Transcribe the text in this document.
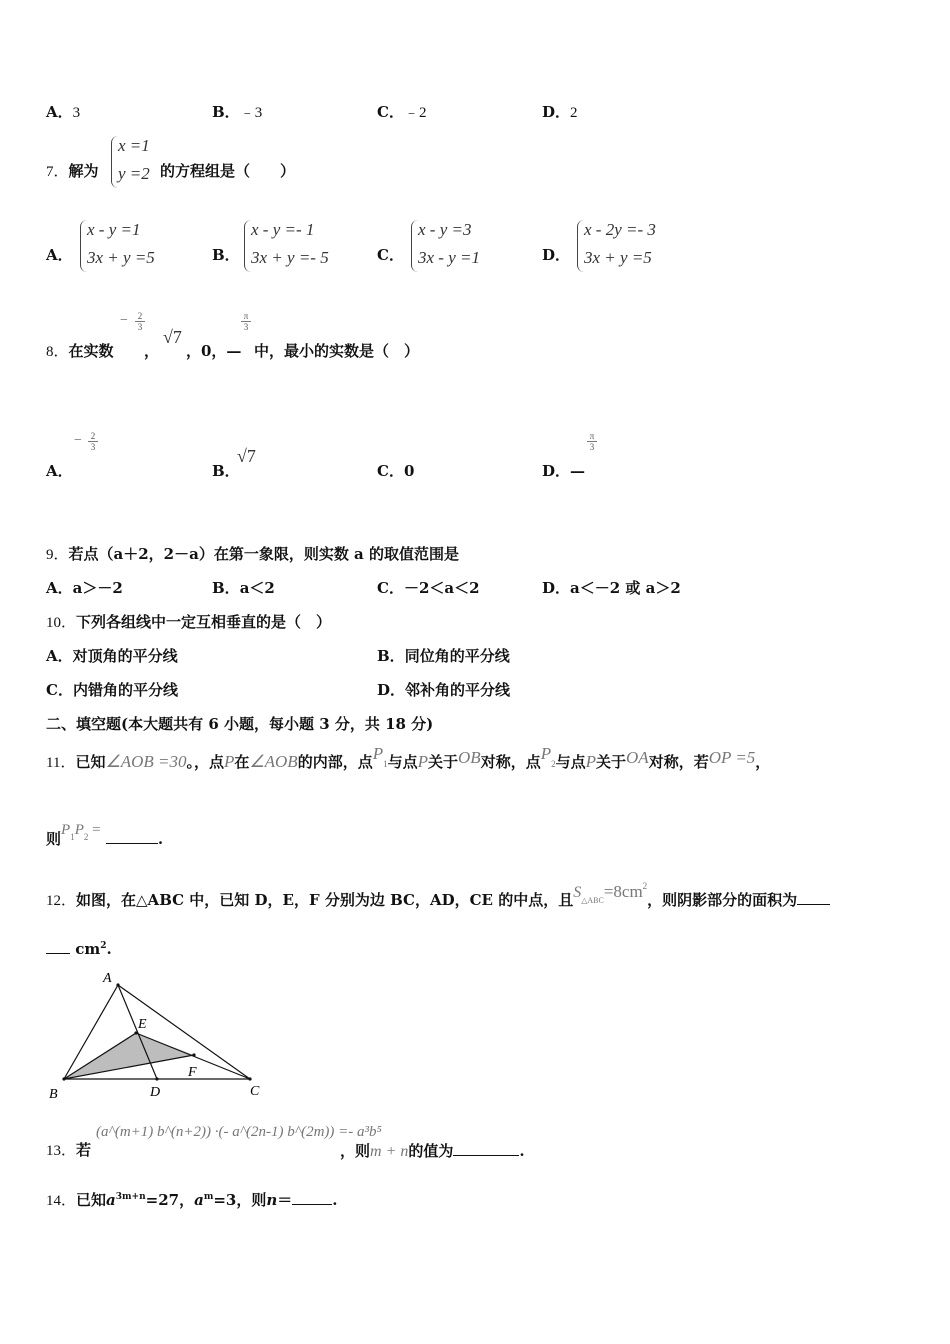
A．3	B．﹣3	C．﹣2	D．2
7．解为
x =1
y =2 的方程组是（　　）
A．
x - y =1
3x + y =5	B．
x - y =- 1
3x + y =- 5	C．
x - y =3
3x - y =1	D．
x - 2y =- 3
3x + y =5
8．在实数
− $\frac{2}{3}$
，
√7
，0，—
$\frac{\pi}{3}$
中，最小的实数是（　）
A．
− $\frac{2}{3}$
B．
√7
C．0	D．—
$\frac{\pi}{3}$
9．若点（a＋2，2－a）在第一象限，则实数 a 的取值范围是
A．a＞－2	B．a＜2	C．－2＜a＜2	D．a＜－2 或 a＞2
10．下列各组线中一定互相垂直的是（　）
A．对顶角的平分线	B．同位角的平分线
C．内错角的平分线	D．邻补角的平分线
二、填空题(本大题共有 6 小题，每小题 3 分，共 18 分)
11．已知∠AOB =30。，点P在∠AOB的内部，点$P_1$与点P关于OB对称，点$P_2$与点P关于OA对称，若OP =5，
则$P_1P_2$ =	.
12．如图，在△ABC 中，已知 D，E，F 分别为边 BC，AD，CE 的中点，且$S_{\triangle ABC}=8cm^2$，则阴影部分的面积为
$cm^2$.
A
B	C
D
E
F
13．若
(a^(m+1) b^(n+2)) ·(- a^(2n-1) b^(2m)) =- a³b⁵
，则m + n的值为	.
14．已知$a^{3m+n}=27$，$a^m=3$，则n＝	.
